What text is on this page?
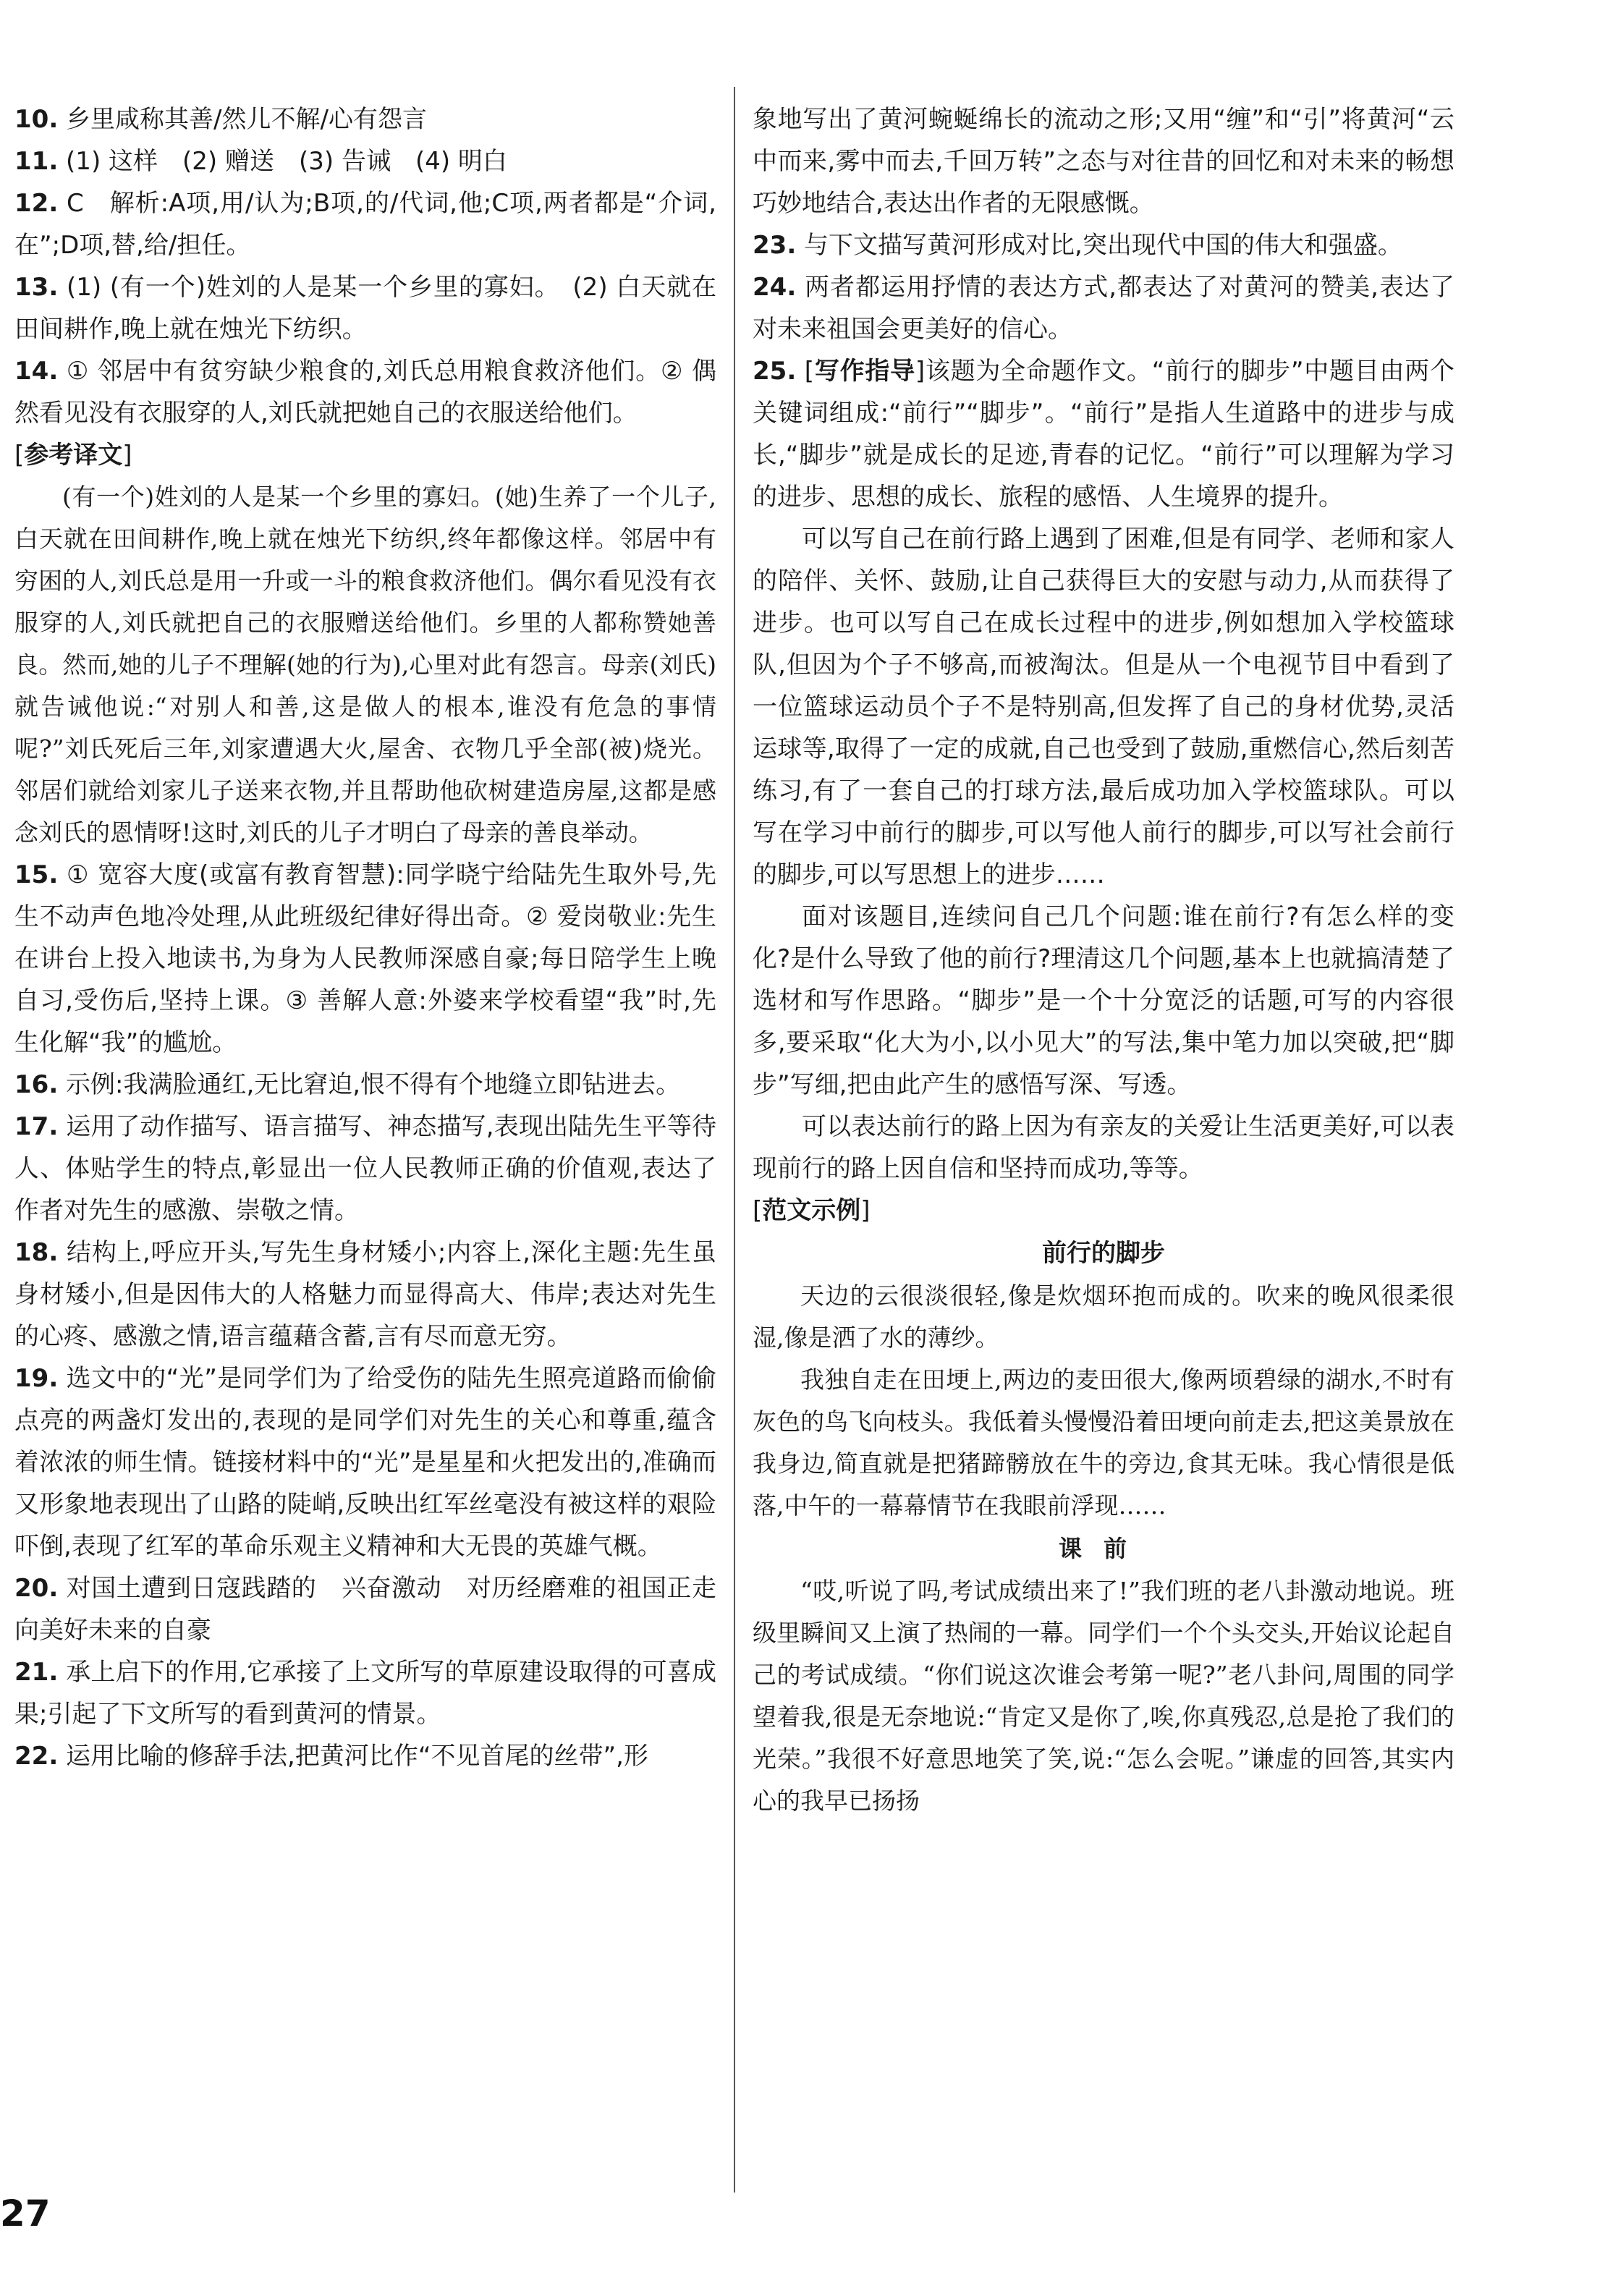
10. 乡里咸称其善/然儿不解/心有怨言

11. (1) 这样　(2) 赠送　(3) 告诫　(4) 明白

12. C　解析:A项,用/认为;B项,的/代词,他;C项,两者都是“介词,在”;D项,替,给/担任。

13. (1) (有一个)姓刘的人是某一个乡里的寡妇。　(2) 白天就在田间耕作,晚上就在烛光下纺织。

14. ① 邻居中有贫穷缺少粮食的,刘氏总用粮食救济他们。② 偶然看见没有衣服穿的人,刘氏就把她自己的衣服送给他们。

[参考译文]

(有一个)姓刘的人是某一个乡里的寡妇。(她)生养了一个儿子,白天就在田间耕作,晚上就在烛光下纺织,终年都像这样。邻居中有穷困的人,刘氏总是用一升或一斗的粮食救济他们。偶尔看见没有衣服穿的人,刘氏就把自己的衣服赠送给他们。乡里的人都称赞她善良。然而,她的儿子不理解(她的行为),心里对此有怨言。母亲(刘氏)就告诫他说:“对别人和善,这是做人的根本,谁没有危急的事情呢?”刘氏死后三年,刘家遭遇大火,屋舍、衣物几乎全部(被)烧光。邻居们就给刘家儿子送来衣物,并且帮助他砍树建造房屋,这都是感念刘氏的恩情呀!这时,刘氏的儿子才明白了母亲的善良举动。

15. ① 宽容大度(或富有教育智慧):同学晓宁给陆先生取外号,先生不动声色地冷处理,从此班级纪律好得出奇。② 爱岗敬业:先生在讲台上投入地读书,为身为人民教师深感自豪;每日陪学生上晚自习,受伤后,坚持上课。③ 善解人意:外婆来学校看望“我”时,先生化解“我”的尴尬。

16. 示例:我满脸通红,无比窘迫,恨不得有个地缝立即钻进去。

17. 运用了动作描写、语言描写、神态描写,表现出陆先生平等待人、体贴学生的特点,彰显出一位人民教师正确的价值观,表达了作者对先生的感激、崇敬之情。

18. 结构上,呼应开头,写先生身材矮小;内容上,深化主题:先生虽身材矮小,但是因伟大的人格魅力而显得高大、伟岸;表达对先生的心疼、感激之情,语言蕴藉含蓄,言有尽而意无穷。

19. 选文中的“光”是同学们为了给受伤的陆先生照亮道路而偷偷点亮的两盏灯发出的,表现的是同学们对先生的关心和尊重,蕴含着浓浓的师生情。链接材料中的“光”是星星和火把发出的,准确而又形象地表现出了山路的陡峭,反映出红军丝毫没有被这样的艰险吓倒,表现了红军的革命乐观主义精神和大无畏的英雄气概。

20. 对国土遭到日寇践踏的　兴奋激动　对历经磨难的祖国正走向美好未来的自豪

21. 承上启下的作用,它承接了上文所写的草原建设取得的可喜成果;引起了下文所写的看到黄河的情景。

22. 运用比喻的修辞手法,把黄河比作“不见首尾的丝带”,形

象地写出了黄河蜿蜒绵长的流动之形;又用“缠”和“引”将黄河“云中而来,雾中而去,千回万转”之态与对往昔的回忆和对未来的畅想巧妙地结合,表达出作者的无限感慨。

23. 与下文描写黄河形成对比,突出现代中国的伟大和强盛。

24. 两者都运用抒情的表达方式,都表达了对黄河的赞美,表达了对未来祖国会更美好的信心。

25. [写作指导]该题为全命题作文。“前行的脚步”中题目由两个关键词组成:“前行”“脚步”。“前行”是指人生道路中的进步与成长,“脚步”就是成长的足迹,青春的记忆。“前行”可以理解为学习的进步、思想的成长、旅程的感悟、人生境界的提升。

可以写自己在前行路上遇到了困难,但是有同学、老师和家人的陪伴、关怀、鼓励,让自己获得巨大的安慰与动力,从而获得了进步。也可以写自己在成长过程中的进步,例如想加入学校篮球队,但因为个子不够高,而被淘汰。但是从一个电视节目中看到了一位篮球运动员个子不是特别高,但发挥了自己的身材优势,灵活运球等,取得了一定的成就,自己也受到了鼓励,重燃信心,然后刻苦练习,有了一套自己的打球方法,最后成功加入学校篮球队。可以写在学习中前行的脚步,可以写他人前行的脚步,可以写社会前行的脚步,可以写思想上的进步……

面对该题目,连续问自己几个问题:谁在前行?有怎么样的变化?是什么导致了他的前行?理清这几个问题,基本上也就搞清楚了选材和写作思路。“脚步”是一个十分宽泛的话题,可写的内容很多,要采取“化大为小,以小见大”的写法,集中笔力加以突破,把“脚步”写细,把由此产生的感悟写深、写透。

可以表达前行的路上因为有亲友的关爱让生活更美好,可以表现前行的路上因自信和坚持而成功,等等。

[范文示例]
前行的脚步

天边的云很淡很轻,像是炊烟环抱而成的。吹来的晚风很柔很湿,像是洒了水的薄纱。

我独自走在田埂上,两边的麦田很大,像两顷碧绿的湖水,不时有灰色的鸟飞向枝头。我低着头慢慢沿着田埂向前走去,把这美景放在我身边,简直就是把猪蹄髈放在牛的旁边,食其无味。我心情很是低落,中午的一幕幕情节在我眼前浮现……

课前

“哎,听说了吗,考试成绩出来了!”我们班的老八卦激动地说。班级里瞬间又上演了热闹的一幕。同学们一个个头交头,开始议论起自己的考试成绩。“你们说这次谁会考第一呢?”老八卦问,周围的同学望着我,很是无奈地说:“肯定又是你了,唉,你真残忍,总是抢了我们的光荣。”我很不好意思地笑了笑,说:“怎么会呢。”谦虚的回答,其实内心的我早已扬扬

27
